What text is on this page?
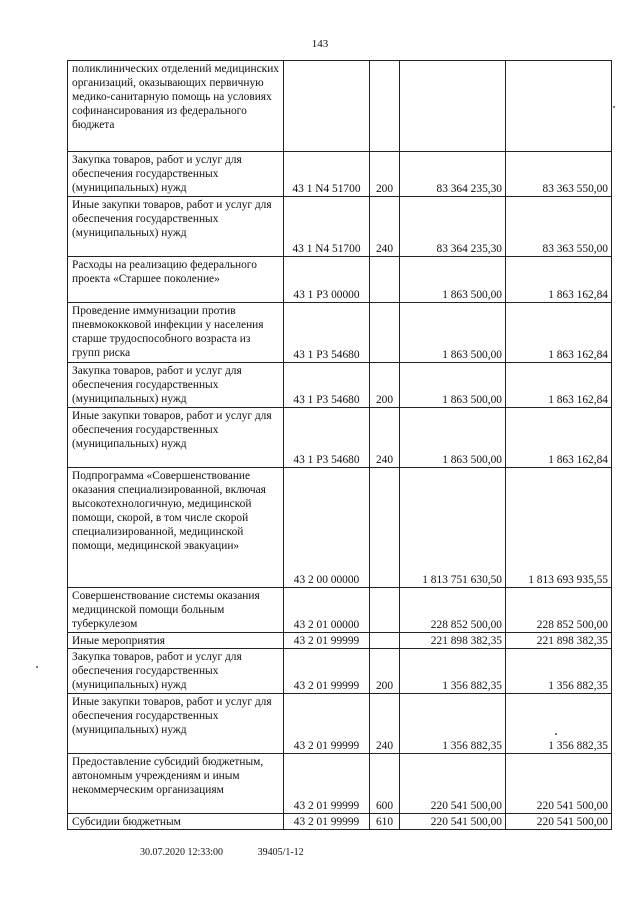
143
поликлинических отделений медицинских организаций, оказывающих первичную медико-санитарную помощь на условиях софинансирования из федерального бюджета				
Закупка товаров, работ и услуг для обеспечения государственных (муниципальных) нужд	43 1 N4 51700	200	83 364 235,30	83 363 550,00
Иные закупки товаров, работ и услуг для обеспечения государственных (муниципальных) нужд	43 1 N4 51700	240	83 364 235,30	83 363 550,00
Расходы на реализацию федерального проекта «Старшее поколение»	43 1 P3 00000		1 863 500,00	1 863 162,84
Проведение иммунизации против пневмококковой инфекции у населения старше трудоспособного возраста из групп риска	43 1 P3 54680		1 863 500,00	1 863 162,84
Закупка товаров, работ и услуг для обеспечения государственных (муниципальных) нужд	43 1 P3 54680	200	1 863 500,00	1 863 162,84
Иные закупки товаров, работ и услуг для обеспечения государственных (муниципальных) нужд	43 1 P3 54680	240	1 863 500,00	1 863 162,84
Подпрограмма «Совершенствование оказания специализированной, включая высокотехнологичную, медицинской помощи, скорой, в том числе скорой специализированной, медицинской помощи, медицинской эвакуации»	43 2 00 00000		1 813 751 630,50	1 813 693 935,55
Совершенствование системы оказания медицинской помощи больным туберкулезом	43 2 01 00000		228 852 500,00	228 852 500,00
Иные мероприятия	43 2 01 99999		221 898 382,35	221 898 382,35
Закупка товаров, работ и услуг для обеспечения государственных (муниципальных) нужд	43 2 01 99999	200	1 356 882,35	1 356 882,35
Иные закупки товаров, работ и услуг для обеспечения государственных (муниципальных) нужд	43 2 01 99999	240	1 356 882,35	1 356 882,35
Предоставление субсидий бюджетным, автономным учреждениям и иным некоммерческим организациям	43 2 01 99999	600	220 541 500,00	220 541 500,00
Субсидии бюджетным	43 2 01 99999	610	220 541 500,00	220 541 500,00
30.07.2020 12:33:00	39405/1-12
